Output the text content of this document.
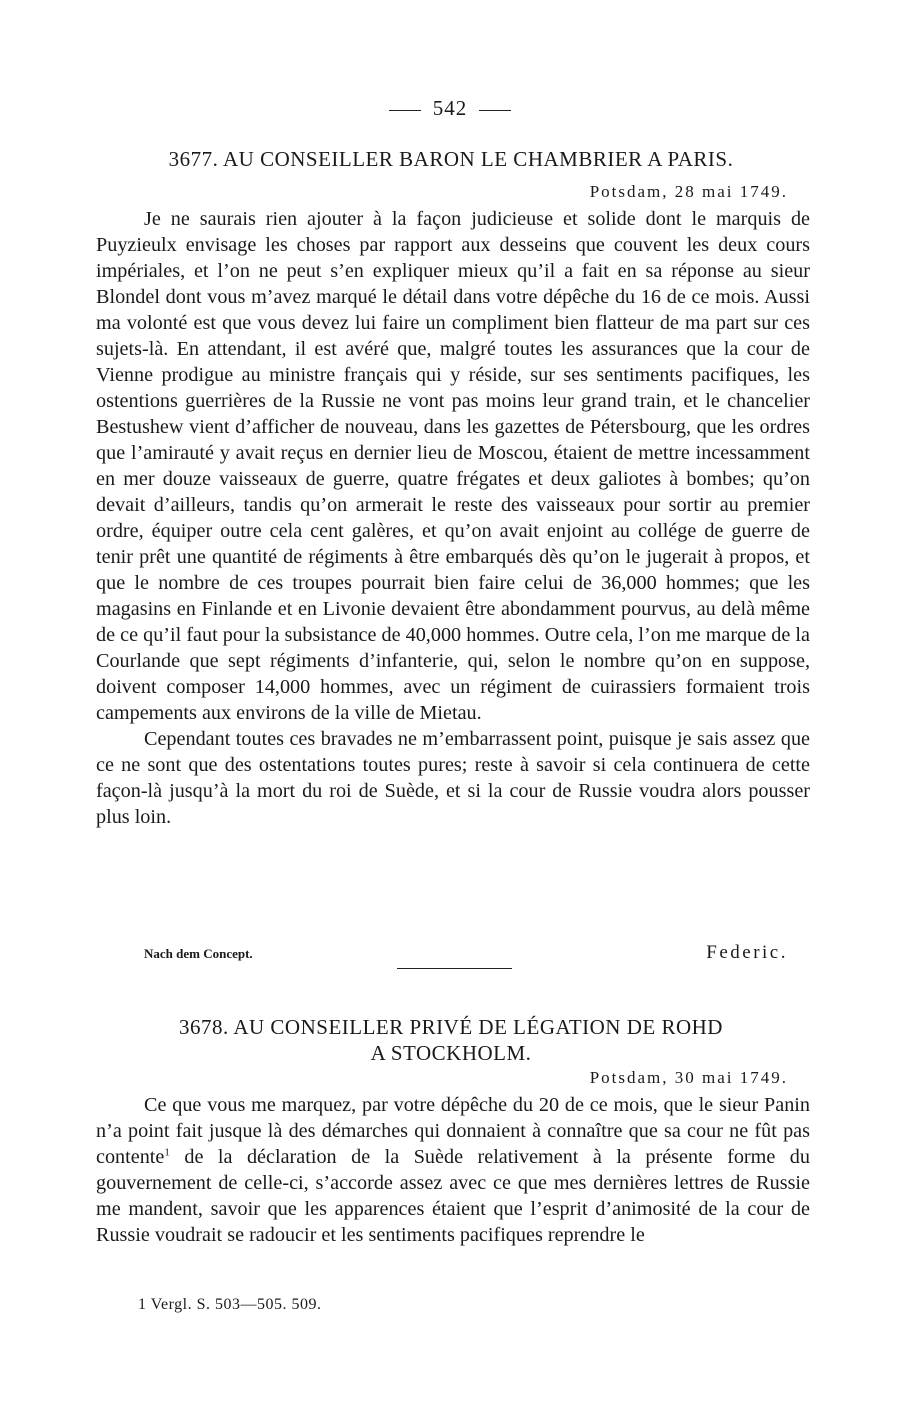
542
3677. AU CONSEILLER BARON LE CHAMBRIER A PARIS.
Potsdam, 28 mai 1749.

Je ne saurais rien ajouter à la façon judicieuse et solide dont le marquis de Puyzieulx envisage les choses par rapport aux desseins que couvent les deux cours impériales, et l’on ne peut s’en expliquer mieux qu’il a fait en sa réponse au sieur Blondel dont vous m’avez marqué le détail dans votre dépêche du 16 de ce mois. Aussi ma volonté est que vous devez lui faire un compliment bien flatteur de ma part sur ces sujets-là. En attendant, il est avéré que, malgré toutes les assurances que la cour de Vienne prodigue au ministre français qui y réside, sur ses sentiments pacifiques, les ostentions guerrières de la Russie ne vont pas moins leur grand train, et le chancelier Bestushew vient d’afficher de nouveau, dans les gazettes de Pétersbourg, que les ordres que l’amirauté y avait reçus en dernier lieu de Moscou, étaient de mettre incessamment en mer douze vaisseaux de guerre, quatre frégates et deux galiotes à bombes; qu’on devait d’ailleurs, tandis qu’on armerait le reste des vaisseaux pour sortir au premier ordre, équiper outre cela cent galères, et qu’on avait enjoint au collége de guerre de tenir prêt une quantité de régiments à être embarqués dès qu’on le jugerait à propos, et que le nombre de ces troupes pourrait bien faire celui de 36,000 hommes; que les magasins en Finlande et en Livonie devaient être abondamment pourvus, au delà même de ce qu’il faut pour la subsistance de 40,000 hommes. Outre cela, l’on me marque de la Courlande que sept régiments d’infanterie, qui, selon le nombre qu’on en suppose, doivent composer 14,000 hommes, avec un régiment de cuirassiers formaient trois campements aux environs de la ville de Mietau.

Cependant toutes ces bravades ne m’embarrassent point, puisque je sais assez que ce ne sont que des ostentations toutes pures; reste à savoir si cela continuera de cette façon-là jusqu’à la mort du roi de Suède, et si la cour de Russie voudra alors pousser plus loin.

Nach dem Concept.	Federic.
3678. AU CONSEILLER PRIVÉ DE LÉGATION DE ROHD
A STOCKHOLM.
Potsdam, 30 mai 1749.

Ce que vous me marquez, par votre dépêche du 20 de ce mois, que le sieur Panin n’a point fait jusque là des démarches qui donnaient à connaître que sa cour ne fût pas contente$^1$ de la déclaration de la Suède relativement à la présente forme du gouvernement de celle-ci, s’accorde assez avec ce que mes dernières lettres de Russie me mandent, savoir que les apparences étaient que l’esprit d’animosité de la cour de Russie voudrait se radoucir et les sentiments pacifiques reprendre le

1 Vergl. S. 503—505. 509.
